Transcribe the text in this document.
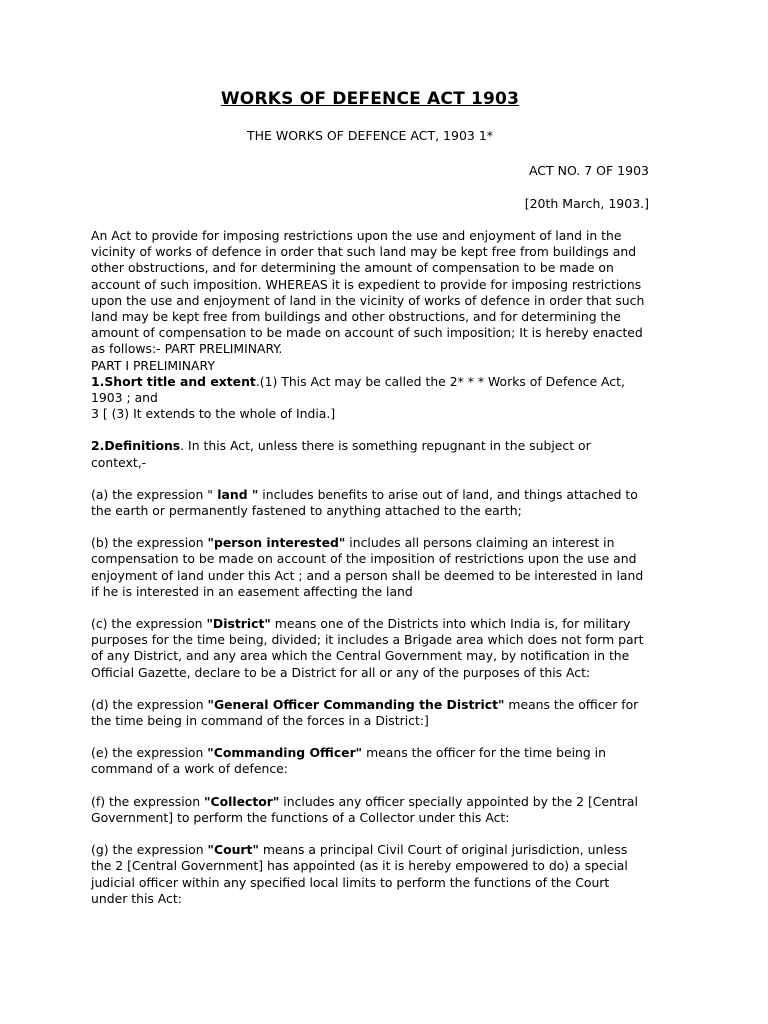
WORKS OF DEFENCE ACT 1903
THE WORKS OF DEFENCE ACT, 1903 1*
ACT NO. 7 OF 1903
[20th March, 1903.]

An Act to provide for imposing restrictions upon the use and enjoyment of land in the vicinity of works of defence in order that such land may be kept free from buildings and other obstructions, and for determining the amount of compensation to be made on account of such imposition. WHEREAS it is expedient to provide for imposing restrictions upon the use and enjoyment of land in the vicinity of works of defence in order that such land may be kept free from buildings and other obstructions, and for determining the amount of compensation to be made on account of such imposition; It is hereby enacted as follows:- PART PRELIMINARY.

PART I PRELIMINARY

1.Short title and extent.(1) This Act may be called the 2* * * Works of Defence Act, 1903 ; and

3 [ (3) It extends to the whole of India.]

2.Definitions. In this Act, unless there is something repugnant in the subject or context,-

(a) the expression " land " includes benefits to arise out of land, and things attached to the earth or permanently fastened to anything attached to the earth;

(b) the expression "person interested" includes all persons claiming an interest in compensation to be made on account of the imposition of restrictions upon the use and enjoyment of land under this Act ; and a person shall be deemed to be interested in land if he is interested in an easement affecting the land

(c) the expression "District" means one of the Districts into which India is, for military purposes for the time being, divided; it includes a Brigade area which does not form part of any District, and any area which the Central Government may, by notification in the Official Gazette, declare to be a District for all or any of the purposes of this Act:

(d) the expression "General Officer Commanding the District" means the officer for the time being in command of the forces in a District:]

(e) the expression "Commanding Officer" means the officer for the time being in command of a work of defence:

(f) the expression "Collector" includes any officer specially appointed by the 2 [Central Government] to perform the functions of a Collector under this Act:

(g) the expression "Court" means a principal Civil Court of original jurisdiction, unless the 2 [Central Government] has appointed (as it is hereby empowered to do) a special judicial officer within any specified local limits to perform the functions of the Court under this Act:
